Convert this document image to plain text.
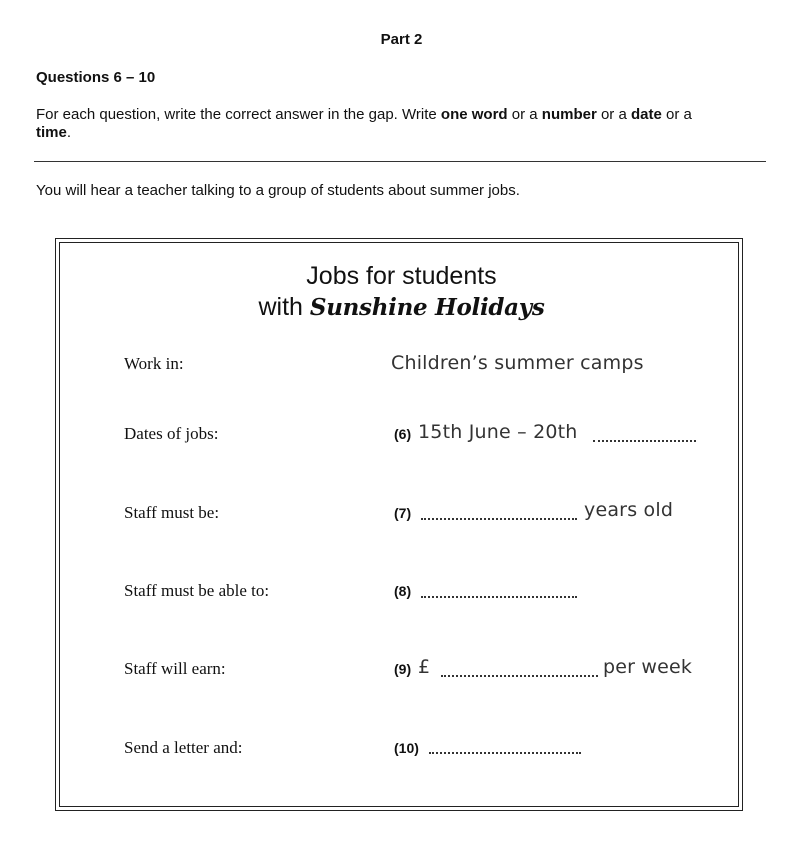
Part 2
Questions 6 – 10
For each question, write the correct answer in the gap. Write one word or a number or a date or a
time.
You will hear a teacher talking to a group of students about summer jobs.
Jobs for students
with Sunshine Holidays
Work in:	Children’s summer camps
Dates of jobs:	(6) 15th June – 20th
Staff must be:	(7)	years old
Staff must be able to:	(8)
Staff will earn:	(9) £	per week
Send a letter and:	(10)
